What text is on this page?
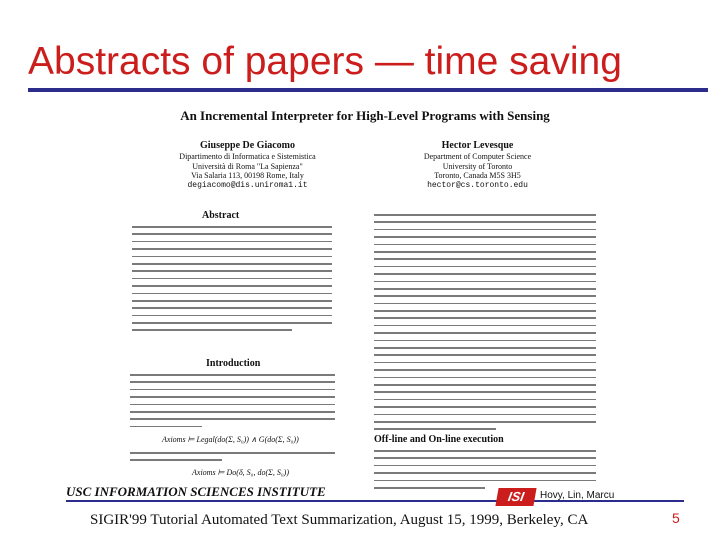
Abstracts of papers — time saving
An Incremental Interpreter for High-Level Programs with Sensing
Giuseppe De Giacomo
Dipartimento di Informatica e Sistemistica
Università di Roma "La Sapienza"
Via Salaria 113, 00198 Rome, Italy
degiacomo@dis.uniroma1.it
Hector Levesque
Department of Computer Science
University of Toronto
Toronto, Canada M5S 3H5
hector@cs.toronto.edu
Abstract
Introduction
Axioms ⊨ Legal(do(Σ, S₀)) ∧ G(do(Σ, S₀))
Axioms ⊨ Do(δ, S₀, do(Σ, S₀))
Off-line and On-line execution
USC INFORMATION SCIENCES INSTITUTE	ISI	Hovy, Lin, Marcu
SIGIR'99 Tutorial Automated Text Summarization, August 15, 1999, Berkeley, CA	5
